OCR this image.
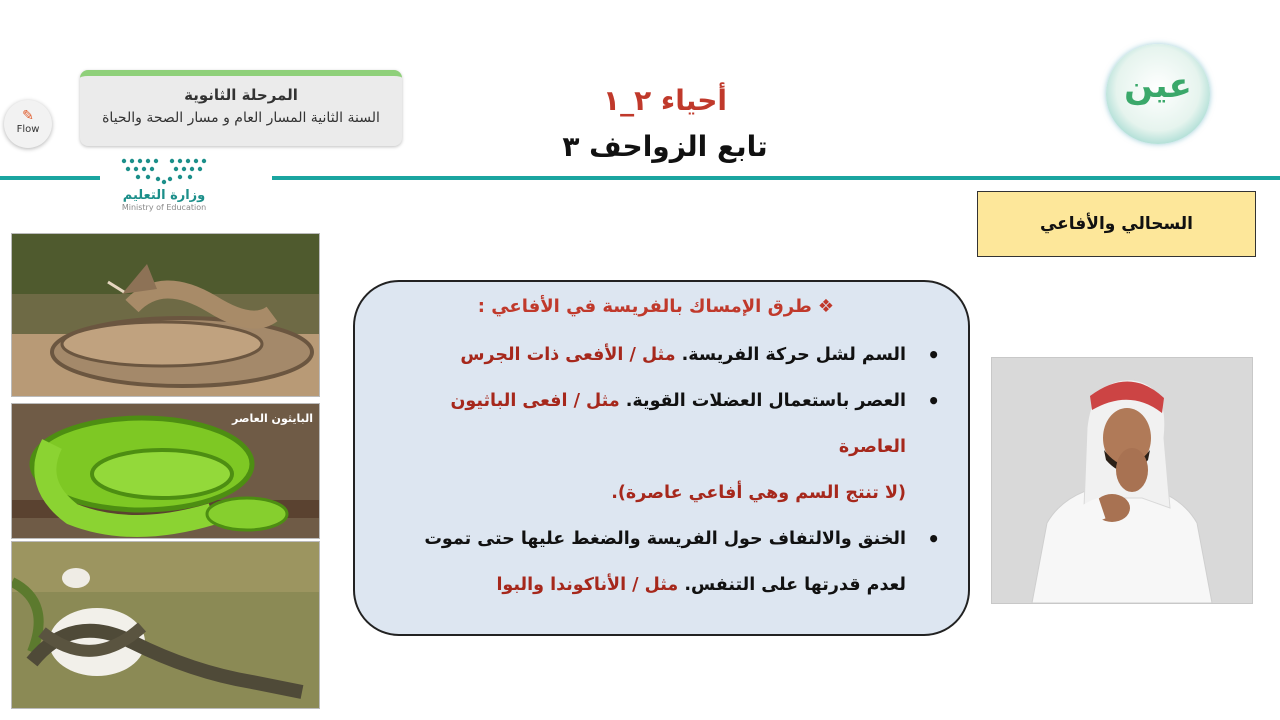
المرحلة الثانوية
السنة الثانية المسار العام و مسار الصحة والحياة
✎
Flow
وزارة التعليم
Ministry of Education
أحياء ٢_١
تابع الزواحف ٣
عين
السحالي والأفاعي
البايثون العاصر
❖طرق الإمساك بالفريسة في الأفاعي :
• السم لشل حركة الفريسة. مثل / الأفعى ذات الجرس
• العصر باستعمال العضلات القوية. مثل / افعى الباثيون العاصرة
(لا تنتج السم وهي أفاعي عاصرة).
• الخنق والالتفاف حول الفريسة والضغط عليها حتى تموت لعدم قدرتها على التنفس. مثل / الأناكوندا والبوا
